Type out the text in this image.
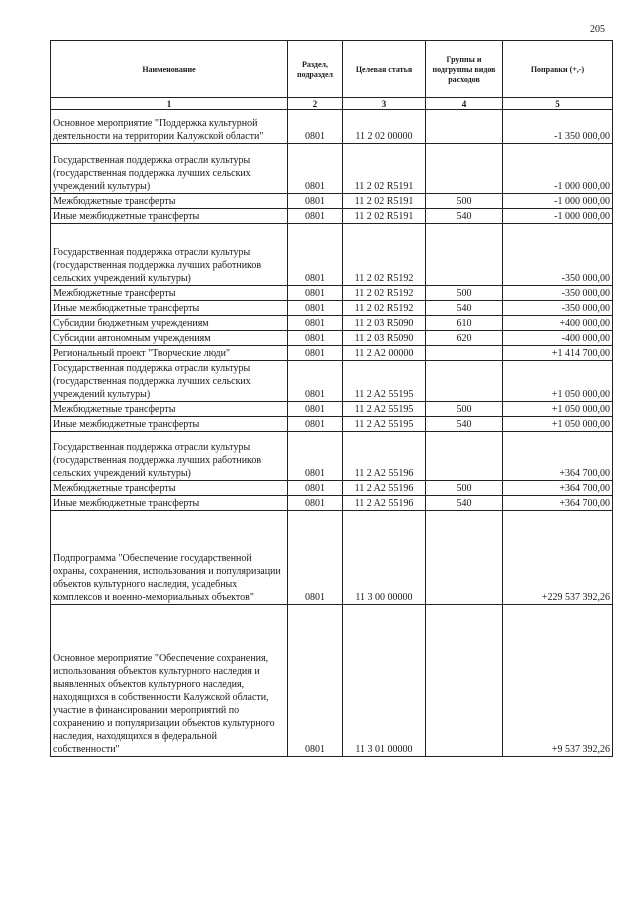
205
Наименование	Раздел, подраздел	Целевая статья	Группы и подгруппы видов расходов	Поправки (+,-)
1	2	3	4	5
Основное мероприятие "Поддержка культурной деятельности на территории Калужской области"	0801	11 2 02 00000		-1 350 000,00
Государственная поддержка отрасли культуры (государственная поддержка лучших сельских учреждений культуры)	0801	11 2 02 R5191		-1 000 000,00
Межбюджетные трансферты	0801	11 2 02 R5191	500	-1 000 000,00
Иные межбюджетные трансферты	0801	11 2 02 R5191	540	-1 000 000,00
Государственная поддержка отрасли культуры (государственная поддержка лучших работников сельских учреждений культуры)	0801	11 2 02 R5192		-350 000,00
Межбюджетные трансферты	0801	11 2 02 R5192	500	-350 000,00
Иные межбюджетные трансферты	0801	11 2 02 R5192	540	-350 000,00
Субсидии бюджетным учреждениям	0801	11 2 03 R5090	610	+400 000,00
Субсидии автономным учреждениям	0801	11 2 03 R5090	620	-400 000,00
Региональный проект "Творческие люди"	0801	11 2 A2 00000		+1 414 700,00
Государственная поддержка отрасли культуры (государственная поддержка лучших сельских учреждений культуры)	0801	11 2 A2 55195		+1 050 000,00
Межбюджетные трансферты	0801	11 2 A2 55195	500	+1 050 000,00
Иные межбюджетные трансферты	0801	11 2 A2 55195	540	+1 050 000,00
Государственная поддержка отрасли культуры (государственная поддержка лучших работников сельских учреждений культуры)	0801	11 2 A2 55196		+364 700,00
Межбюджетные трансферты	0801	11 2 A2 55196	500	+364 700,00
Иные межбюджетные трансферты	0801	11 2 A2 55196	540	+364 700,00
Подпрограмма "Обеспечение государственной охраны, сохранения, использования и популяризации объектов культурного наследия, усадебных комплексов и военно-мемориальных объектов"	0801	11 3 00 00000		+229 537 392,26
Основное мероприятие "Обеспечение сохранения, использования объектов культурного наследия и выявленных объектов культурного наследия, находящихся в собственности Калужской области, участие в финансировании мероприятий по сохранению и популяризации объектов культурного наследия, находящихся в федеральной собственности"	0801	11 3 01 00000		+9 537 392,26
